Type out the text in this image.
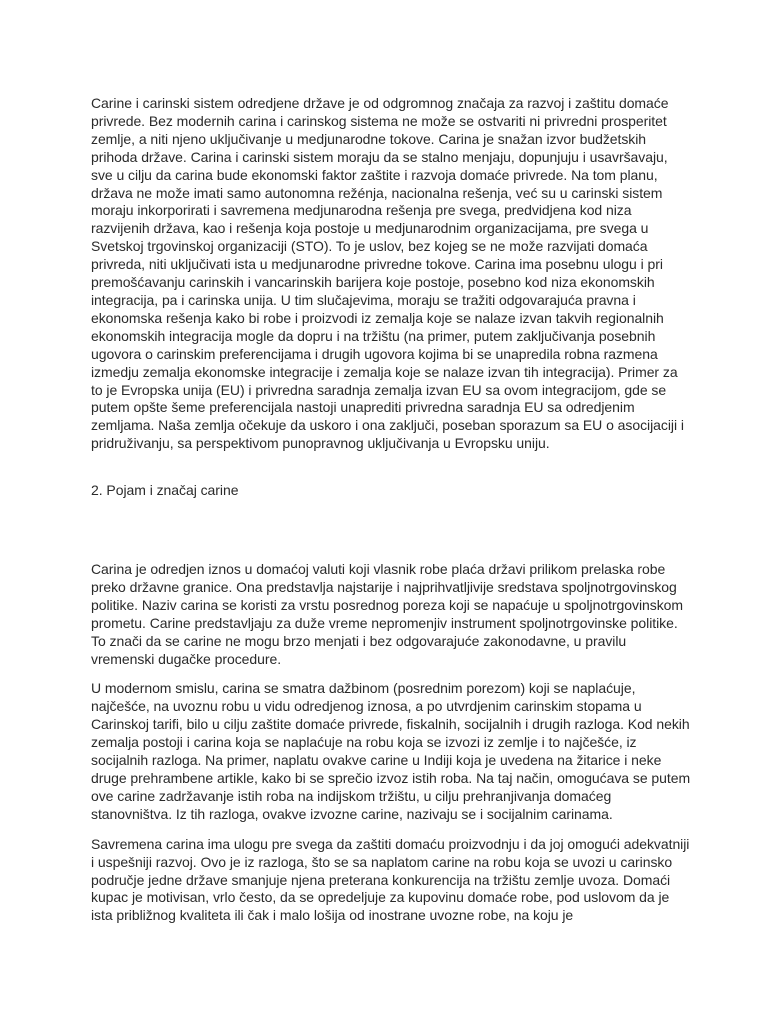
Carine i carinski sistem odredjene države je od odgromnog značaja za razvoj i zaštitu domaće privrede. Bez modernih carina i carinskog sistema ne može se ostvariti ni privredni prosperitet zemlje, a niti njeno uključivanje u medjunarodne tokove. Carina je snažan izvor budžetskih prihoda države. Carina i carinski sistem moraju da se stalno menjaju, dopunjuju i usavršavaju, sve u cilju da carina bude ekonomski faktor zaštite i razvoja domaće privrede. Na tom planu, država ne može imati samo autonomna režénja, nacionalna rešenja, već su u carinski sistem moraju inkorporirati i savremena medjunarodna rešenja pre svega, predvidjena kod niza razvijenih država, kao i rešenja koja postoje u medjunarodnim organizacijama, pre svega u Svetskoj trgovinskoj organizaciji (STO). To je uslov, bez kojeg se ne može razvijati domaća privreda, niti uključivati ista u medjunarodne privredne tokove. Carina ima posebnu ulogu i pri premošćavanju carinskih i vancarinskih barijera koje postoje, posebno kod niza ekonomskih integracija, pa i carinska unija. U tim slučajevima, moraju se tražiti odgovarajuća pravna i ekonomska rešenja kako bi robe i proizvodi iz zemalja koje se nalaze izvan takvih regionalnih ekonomskih integracija mogle da dopru i na tržištu (na primer, putem zaključivanja posebnih ugovora o carinskim preferencijama i drugih ugovora kojima bi se unapredila robna razmena izmedju zemalja ekonomske integracije i zemalja koje se nalaze izvan tih integracija). Primer za to je Evropska unija (EU) i privredna saradnja zemalja izvan EU sa ovom integracijom, gde se putem opšte šeme preferencijala nastoji unaprediti privredna saradnja EU sa odredjenim zemljama. Naša zemlja očekuje da uskoro i ona zaključi, poseban sporazum sa EU o asocijaciji i pridruživanju, sa perspektivom punopravnog uključivanja u Evropsku uniju.

2. Pojam i značaj carine

Carina je odredjen iznos u domaćoj valuti koji vlasnik robe plaća državi prilikom prelaska robe preko državne granice. Ona predstavlja najstarije i najprihvatljivije sredstava spoljnotrgovinskog politike. Naziv carina se koristi za vrstu posrednog poreza koji se napaćuje u spoljnotrgovinskom prometu. Carine predstavljaju za duže vreme nepromenjiv instrument spoljnotrgovinske politike. To znači da se carine ne mogu brzo menjati i bez odgovarajuće zakonodavne, u pravilu vremenski dugačke procedure.

U modernom smislu, carina se smatra dažbinom (posrednim porezom) koji se naplaćuje, najčešće, na uvoznu robu u vidu odredjenog iznosa, a po utvrdjenim carinskim stopama u Carinskoj tarifi, bilo u cilju zaštite domaće privrede, fiskalnih, socijalnih i drugih razloga. Kod nekih zemalja postoji i carina koja se naplaćuje na robu koja se izvozi iz zemlje i to najčešće, iz socijalnih razloga. Na primer, naplatu ovakve carine u Indiji koja je uvedena na žitarice i neke druge prehrambene artikle, kako bi se sprečio izvoz istih roba. Na taj način, omogućava se putem ove carine zadržavanje istih roba na indijskom tržištu, u cilju prehranjivanja domaćeg stanovništva. Iz tih razloga, ovakve izvozne carine, nazivaju se i socijalnim carinama.

Savremena carina ima ulogu pre svega da zaštiti domaću proizvodnju i da joj omogući adekvatniji i uspešniji razvoj. Ovo je iz razloga, što se sa naplatom carine na robu koja se uvozi u carinsko područje jedne države smanjuje njena preterana konkurencija na tržištu zemlje uvoza. Domaći kupac je motivisan, vrlo često, da se opredeljuje za kupovinu domaće robe, pod uslovom da je ista približnog kvaliteta ili čak i malo lošija od inostrane uvozne robe, na koju je
